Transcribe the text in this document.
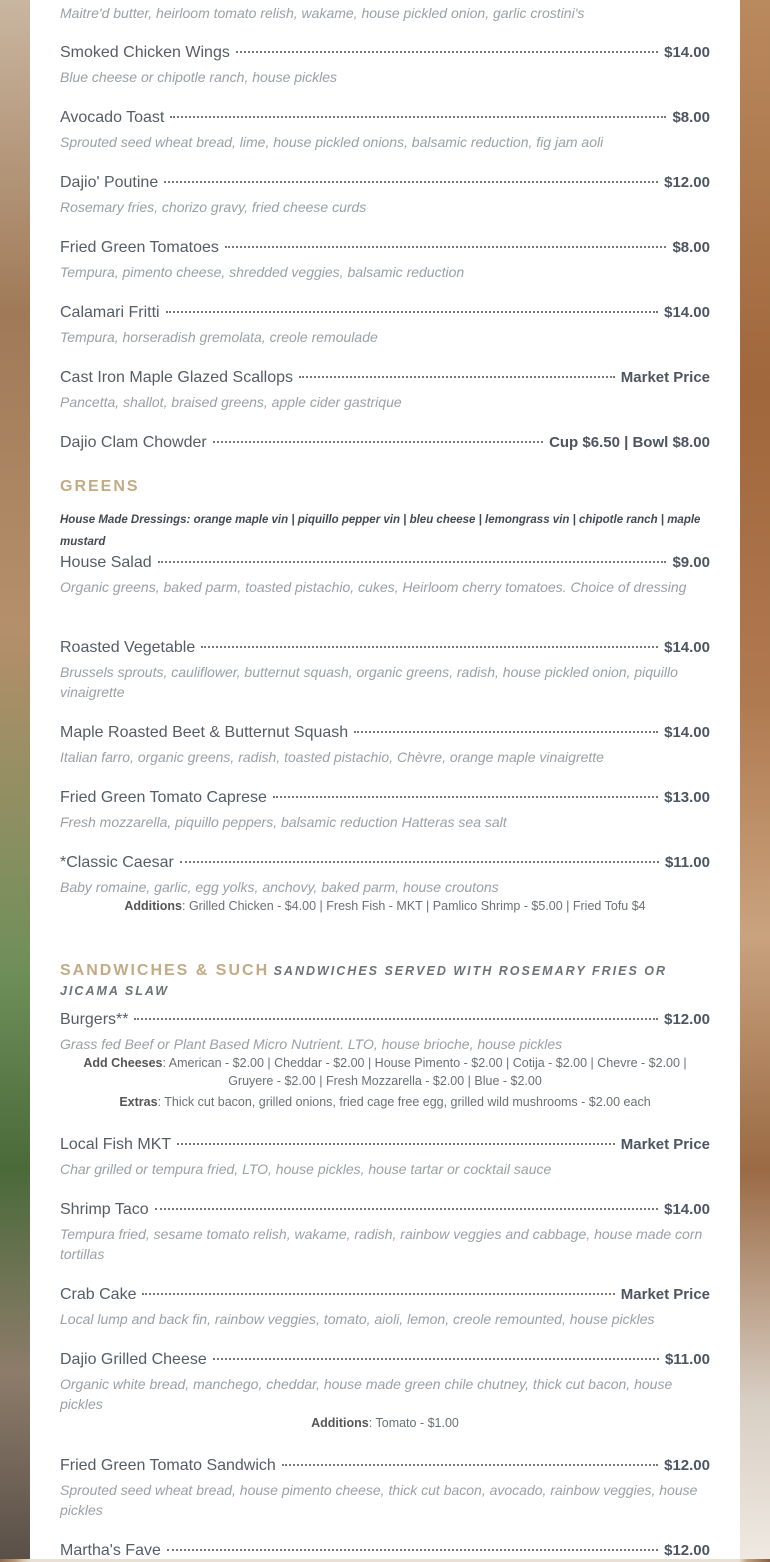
Maitre'd butter, heirloom tomato relish, wakame, house pickled onion, garlic crostini's
Smoked Chicken Wings	$14.00
Blue cheese or chipotle ranch, house pickles
Avocado Toast	$8.00
Sprouted seed wheat bread, lime, house pickled onions, balsamic reduction, fig jam aoli
Dajio' Poutine	$12.00
Rosemary fries, chorizo gravy, fried cheese curds
Fried Green Tomatoes	$8.00
Tempura, pimento cheese, shredded veggies, balsamic reduction
Calamari Fritti	$14.00
Tempura, horseradish gremolata, creole remoulade
Cast Iron Maple Glazed Scallops	Market Price
Pancetta, shallot, braised greens, apple cider gastrique
Dajio Clam Chowder	Cup $6.50 | Bowl $8.00
GREENS
House Made Dressings: orange maple vin | piquillo pepper vin | bleu cheese | lemongrass vin | chipotle ranch | maple mustard
House Salad	$9.00
Organic greens, baked parm, toasted pistachio, cukes, Heirloom cherry tomatoes. Choice of dressing
Roasted Vegetable	$14.00
Brussels sprouts, cauliflower, butternut squash, organic greens, radish, house pickled onion, piquillo vinaigrette
Maple Roasted Beet & Butternut Squash	$14.00
Italian farro, organic greens, radish, toasted pistachio, Chèvre, orange maple vinaigrette
Fried Green Tomato Caprese	$13.00
Fresh mozzarella, piquillo peppers, balsamic reduction Hatteras sea salt
*Classic Caesar	$11.00
Baby romaine, garlic, egg yolks, anchovy, baked parm, house croutons
Additions: Grilled Chicken - $4.00 | Fresh Fish - MKT | Pamlico Shrimp - $5.00 | Fried Tofu $4
SANDWICHES & SUCH SANDWICHES SERVED WITH ROSEMARY FRIES OR JICAMA SLAW
Burgers**	$12.00
Grass fed Beef or Plant Based Micro Nutrient. LTO, house brioche, house pickles
Add Cheeses: American - $2.00 | Cheddar - $2.00 | House Pimento - $2.00 | Cotija - $2.00 | Chevre - $2.00 | Gruyere - $2.00 | Fresh Mozzarella - $2.00 | Blue - $2.00
Extras: Thick cut bacon, grilled onions, fried cage free egg, grilled wild mushrooms - $2.00 each
Local Fish MKT	Market Price
Char grilled or tempura fried, LTO, house pickles, house tartar or cocktail sauce
Shrimp Taco	$14.00
Tempura fried, sesame tomato relish, wakame, radish, rainbow veggies and cabbage, house made corn tortillas
Crab Cake	Market Price
Local lump and back fin, rainbow veggies, tomato, aioli, lemon, creole remounted, house pickles
Dajio Grilled Cheese	$11.00
Organic white bread, manchego, cheddar, house made green chile chutney, thick cut bacon, house pickles
Additions: Tomato - $1.00
Fried Green Tomato Sandwich	$12.00
Sprouted seed wheat bread, house pimento cheese, thick cut bacon, avocado, rainbow veggies, house pickles
Martha's Fave	$12.00
